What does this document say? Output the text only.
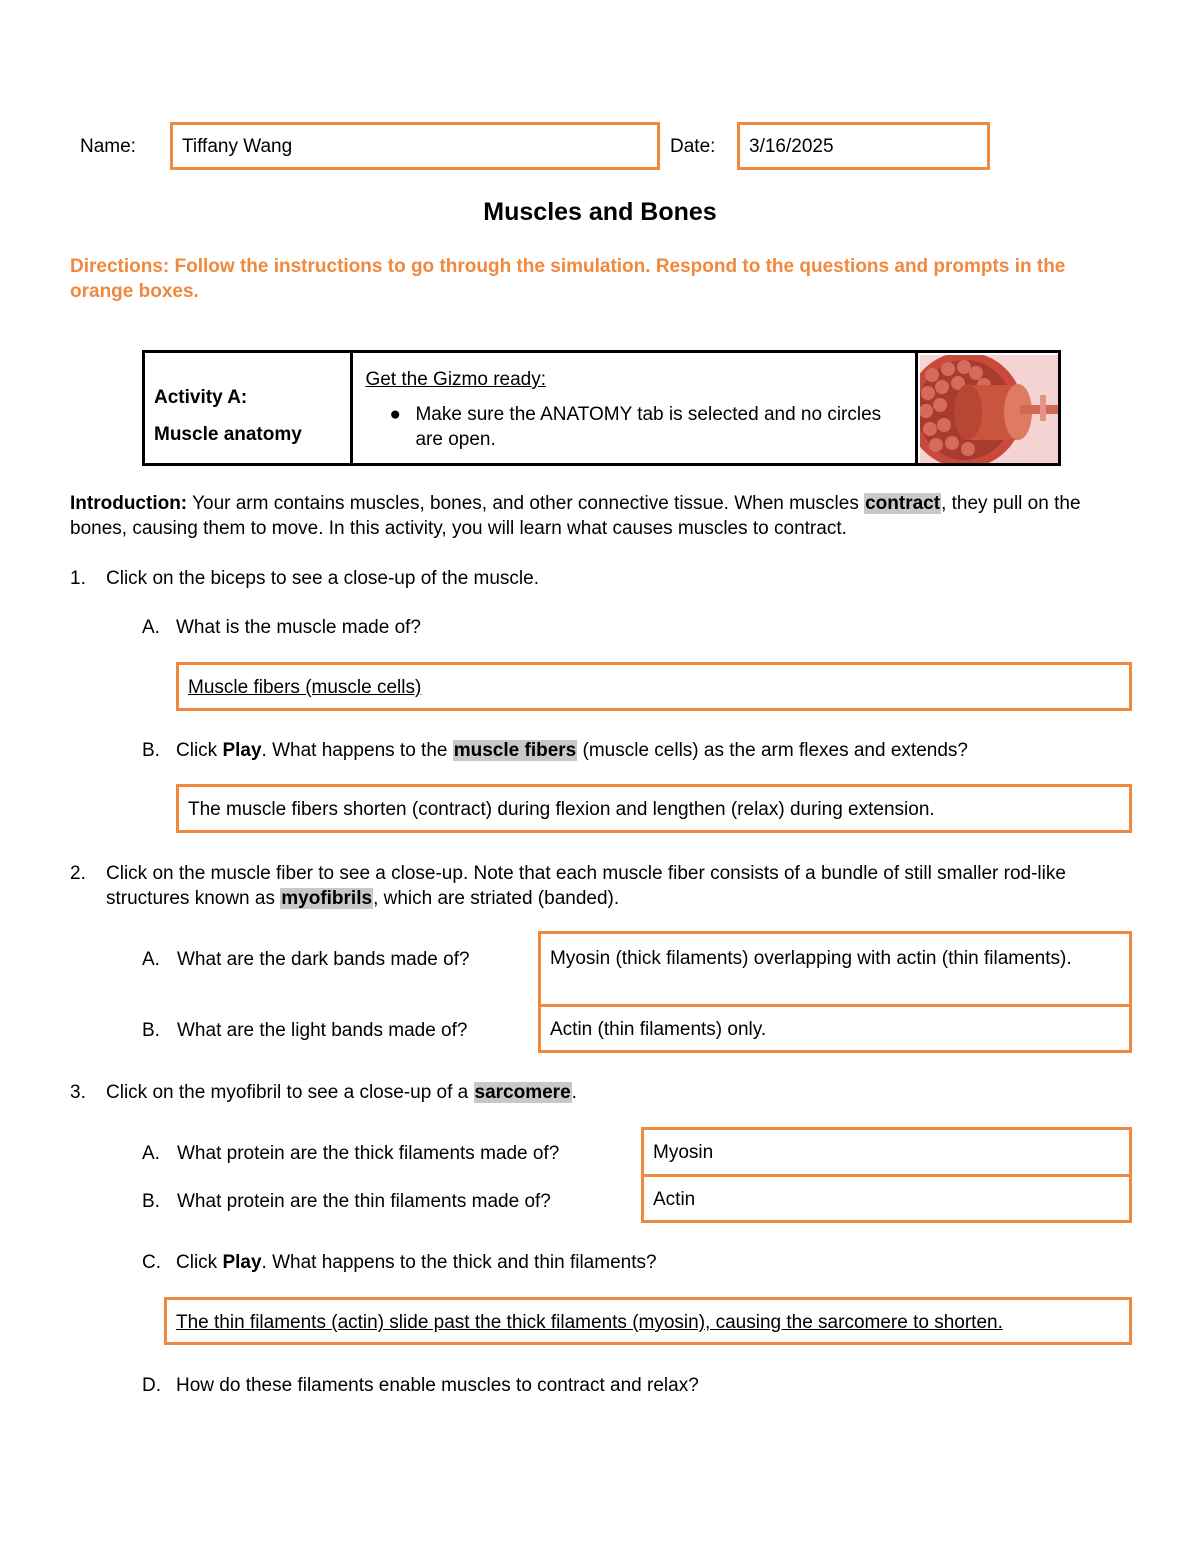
Name: Tiffany Wang	Date: 3/16/2025
Muscles and Bones
Directions: Follow the instructions to go through the simulation. Respond to the questions and prompts in the orange boxes.
Activity A:
Muscle anatomy

Get the Gizmo ready:
● Make sure the ANATOMY tab is selected and no circles are open.

Introduction: Your arm contains muscles, bones, and other connective tissue. When muscles contract, they pull on the bones, causing them to move. In this activity, you will learn what causes muscles to contract.
1. Click on the biceps to see a close-up of the muscle.
A. What is the muscle made of?
Muscle fibers (muscle cells)
B. Click Play. What happens to the muscle fibers (muscle cells) as the arm flexes and extends?
The muscle fibers shorten (contract) during flexion and lengthen (relax) during extension.
2. Click on the muscle fiber to see a close-up. Note that each muscle fiber consists of a bundle of still smaller rod-like structures known as myofibrils, which are striated (banded).
A. What are the dark bands made of?	Myosin (thick filaments) overlapping with actin (thin filaments).
B. What are the light bands made of?	Actin (thin filaments) only.
3. Click on the myofibril to see a close-up of a sarcomere.
A. What protein are the thick filaments made of?	Myosin
B. What protein are the thin filaments made of?	Actin
C. Click Play. What happens to the thick and thin filaments?
The thin filaments (actin) slide past the thick filaments (myosin), causing the sarcomere to shorten.
D. How do these filaments enable muscles to contract and relax?
